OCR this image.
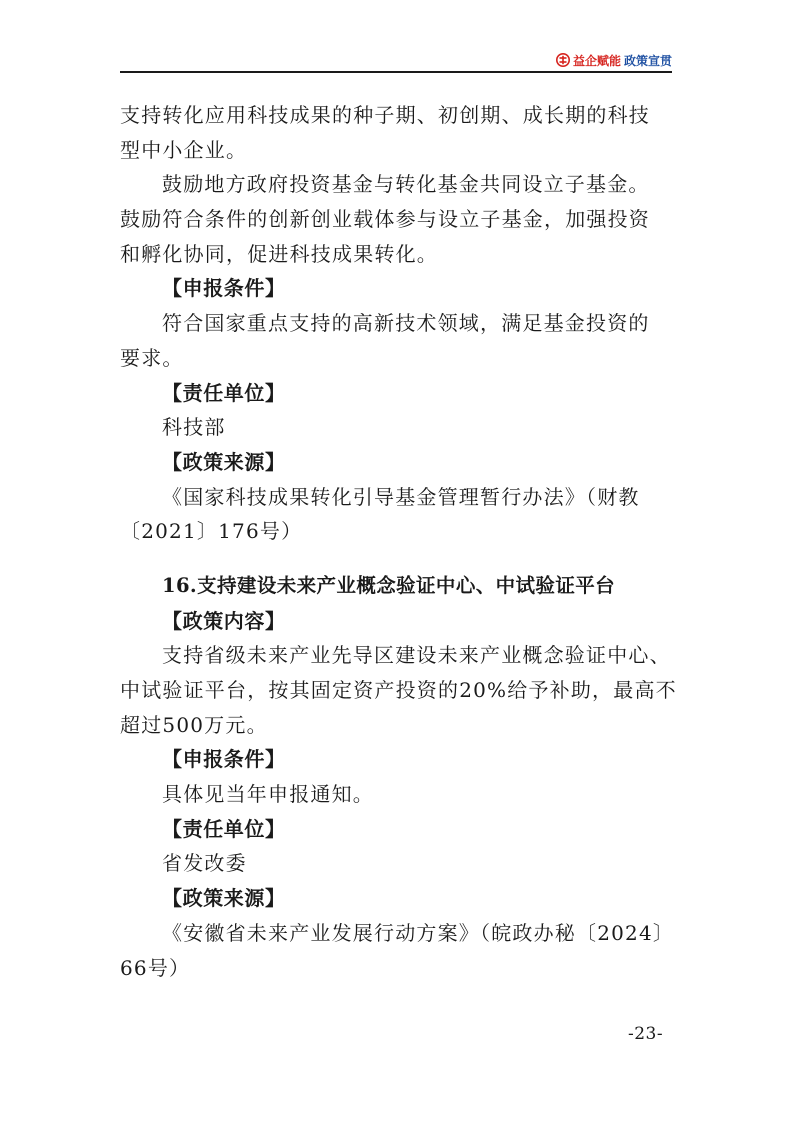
益企赋能 政策宣贯
支持转化应用科技成果的种子期、初创期、成长期的科技
型中小企业。
鼓励地方政府投资基金与转化基金共同设立子基金。
鼓励符合条件的创新创业载体参与设立子基金，加强投资
和孵化协同，促进科技成果转化。
【申报条件】
符合国家重点支持的高新技术领域，满足基金投资的
要求。
【责任单位】
科技部
【政策来源】
《国家科技成果转化引导基金管理暂行办法》（财教
〔2021〕176号）
16.支持建设未来产业概念验证中心、中试验证平台
【政策内容】
支持省级未来产业先导区建设未来产业概念验证中心、
中试验证平台，按其固定资产投资的20%给予补助，最高不
超过500万元。
【申报条件】
具体见当年申报通知。
【责任单位】
省发改委
【政策来源】
《安徽省未来产业发展行动方案》（皖政办秘〔2024〕
66号）
-23-
